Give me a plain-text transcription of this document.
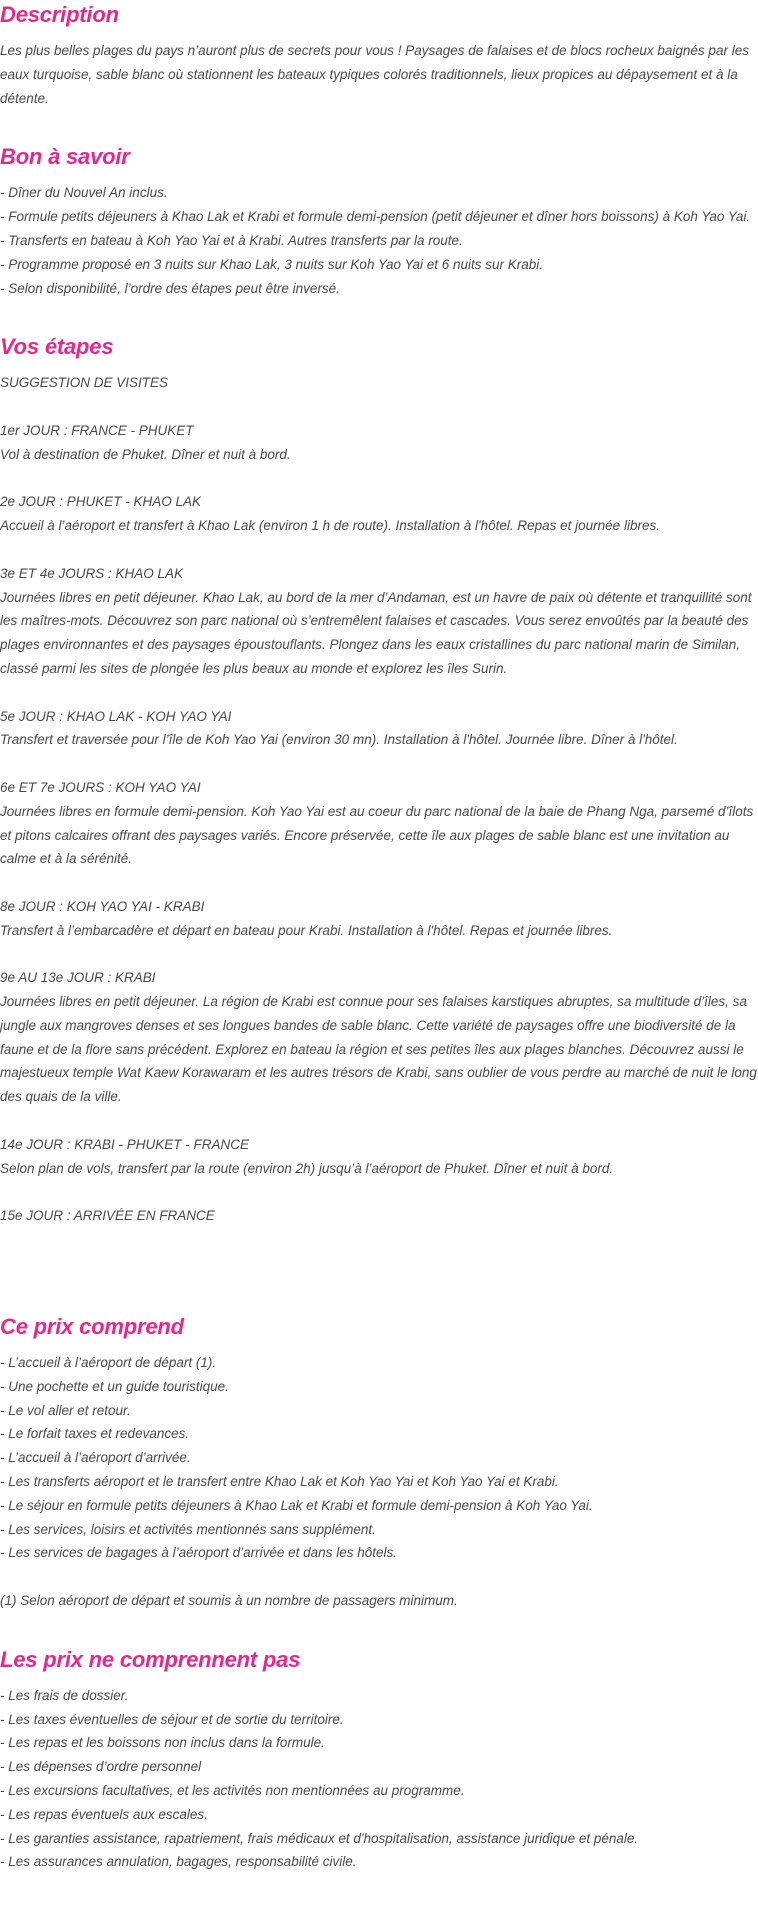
Description

Les plus belles plages du pays n’auront plus de secrets pour vous ! Paysages de falaises et de blocs rocheux baignés par les eaux turquoise, sable blanc où stationnent les bateaux typiques colorés traditionnels, lieux propices au dépaysement et à la détente.

Bon à savoir
- Dîner du Nouvel An inclus.
- Formule petits déjeuners à Khao Lak et Krabi et formule demi-pension (petit déjeuner et dîner hors boissons) à Koh Yao Yai.
- Transferts en bateau à Koh Yao Yai et à Krabi. Autres transferts par la route.
- Programme proposé en 3 nuits sur Khao Lak, 3 nuits sur Koh Yao Yai et 6 nuits sur Krabi.
- Selon disponibilité, l’ordre des étapes peut être inversé.
Vos étapes
SUGGESTION DE VISITES
1er JOUR : FRANCE - PHUKET
Vol à destination de Phuket. Dîner et nuit à bord.
2e JOUR : PHUKET - KHAO LAK
Accueil à l’aéroport et transfert à Khao Lak (environ 1 h de route). Installation à l'hôtel. Repas et journée libres.
3e ET 4e JOURS : KHAO LAK
Journées libres en petit déjeuner. Khao Lak, au bord de la mer d’Andaman, est un havre de paix où détente et tranquillité sont les maîtres-mots. Découvrez son parc national où s’entremêlent falaises et cascades. Vous serez envoûtés par la beauté des plages environnantes et des paysages époustouflants. Plongez dans les eaux cristallines du parc national marin de Similan, classé parmi les sites de plongée les plus beaux au monde et explorez les îles Surin.
5e JOUR : KHAO LAK - KOH YAO YAI
Transfert et traversée pour l’île de Koh Yao Yai (environ 30 mn). Installation à l'hôtel. Journée libre. Dîner à l'hôtel.
6e ET 7e JOURS : KOH YAO YAI
Journées libres en formule demi-pension. Koh Yao Yai est au coeur du parc national de la baie de Phang Nga, parsemé d’îlots et pitons calcaires offrant des paysages variés. Encore préservée, cette île aux plages de sable blanc est une invitation au calme et à la sérénité.
8e JOUR : KOH YAO YAI - KRABI
Transfert à l’embarcadère et départ en bateau pour Krabi. Installation à l'hôtel. Repas et journée libres.
9e AU 13e JOUR : KRABI
Journées libres en petit déjeuner. La région de Krabi est connue pour ses falaises karstiques abruptes, sa multitude d’îles, sa jungle aux mangroves denses et ses longues bandes de sable blanc. Cette variété de paysages offre une biodiversité de la faune et de la flore sans précédent. Explorez en bateau la région et ses petites îles aux plages blanches. Découvrez aussi le majestueux temple Wat Kaew Korawaram et les autres trésors de Krabi, sans oublier de vous perdre au marché de nuit le long des quais de la ville.
14e JOUR : KRABI - PHUKET - FRANCE
Selon plan de vols, transfert par la route (environ 2h) jusqu’à l’aéroport de Phuket. Dîner et nuit à bord.
15e JOUR : ARRIVÉE EN FRANCE
Ce prix comprend
- L’accueil à l’aéroport de départ (1).
- Une pochette et un guide touristique.
- Le vol aller et retour.
- Le forfait taxes et redevances.
- L’accueil à l’aéroport d’arrivée.
- Les transferts aéroport et le transfert entre Khao Lak et Koh Yao Yai et Koh Yao Yai et Krabi.
- Le séjour en formule petits déjeuners à Khao Lak et Krabi et formule demi-pension à Koh Yao Yai.
- Les services, loisirs et activités mentionnés sans supplément.
- Les services de bagages à l’aéroport d’arrivée et dans les hôtels.
(1) Selon aéroport de départ et soumis à un nombre de passagers minimum.
Les prix ne comprennent pas
- Les frais de dossier.
- Les taxes éventuelles de séjour et de sortie du territoire.
- Les repas et les boissons non inclus dans la formule.
- Les dépenses d’ordre personnel
- Les excursions facultatives, et les activités non mentionnées au programme.
- Les repas éventuels aux escales.
- Les garanties assistance, rapatriement, frais médicaux et d'hospitalisation, assistance juridique et pénale.
- Les assurances annulation, bagages, responsabilité civile.
